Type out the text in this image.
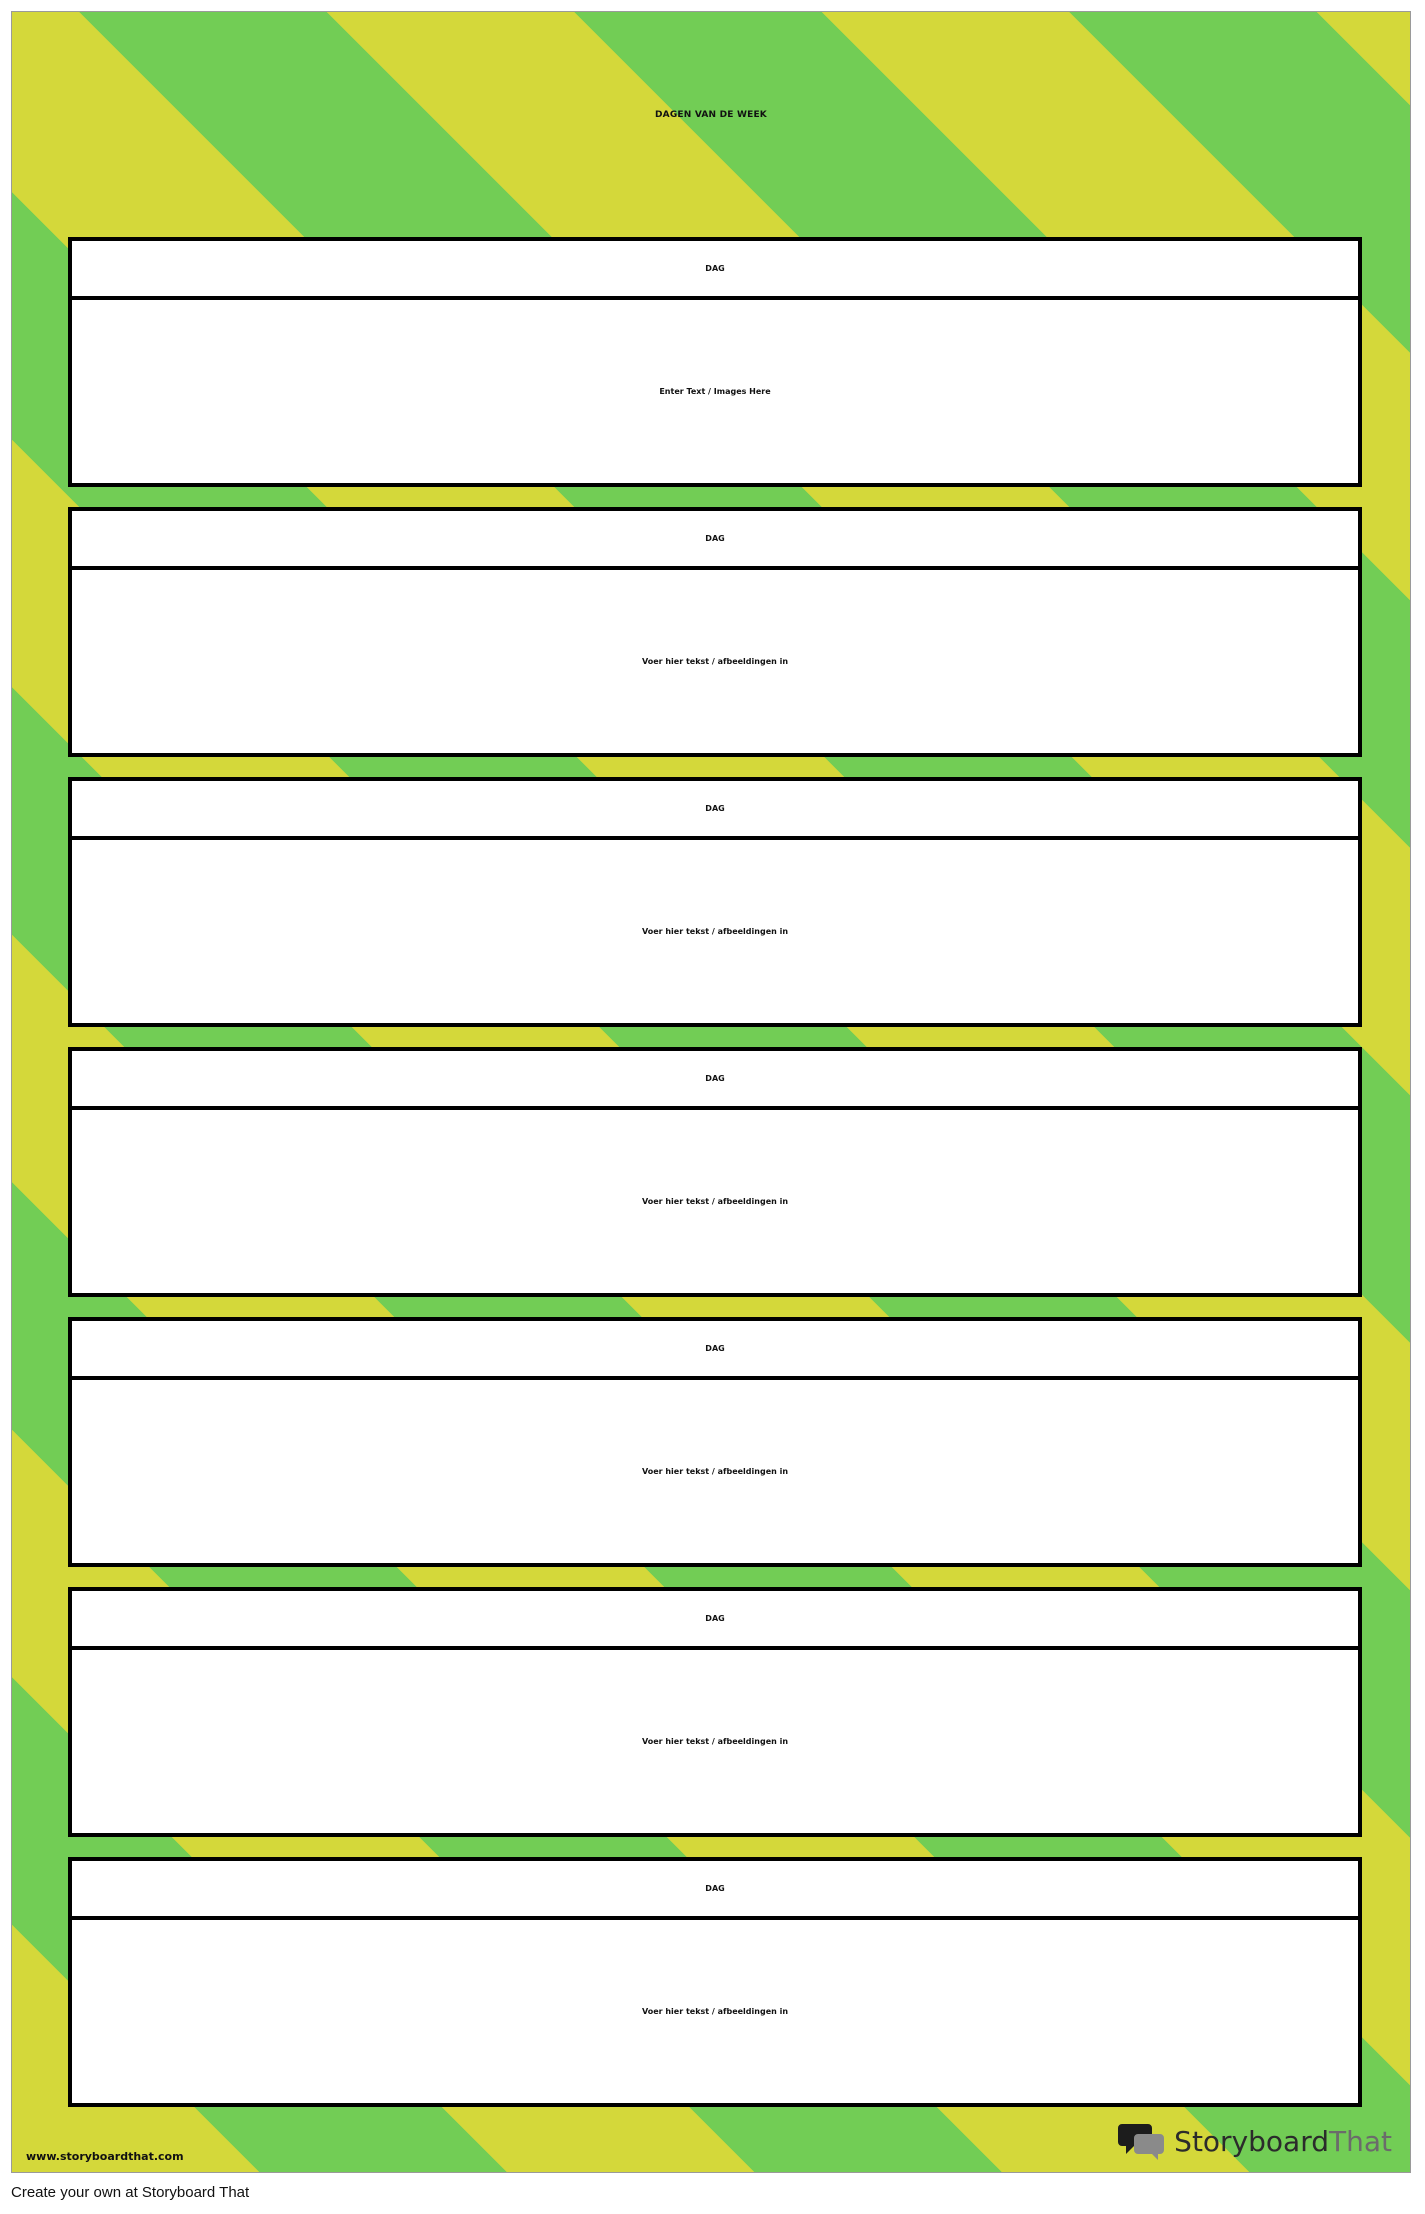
DAGEN VAN DE WEEK
DAG
Enter Text / Images Here
DAG
Voer hier tekst / afbeeldingen in
DAG
Voer hier tekst / afbeeldingen in
DAG
Voer hier tekst / afbeeldingen in
DAG
Voer hier tekst / afbeeldingen in
DAG
Voer hier tekst / afbeeldingen in
DAG
Voer hier tekst / afbeeldingen in
www.storyboardthat.com	StoryboardThat
Create your own at Storyboard That
